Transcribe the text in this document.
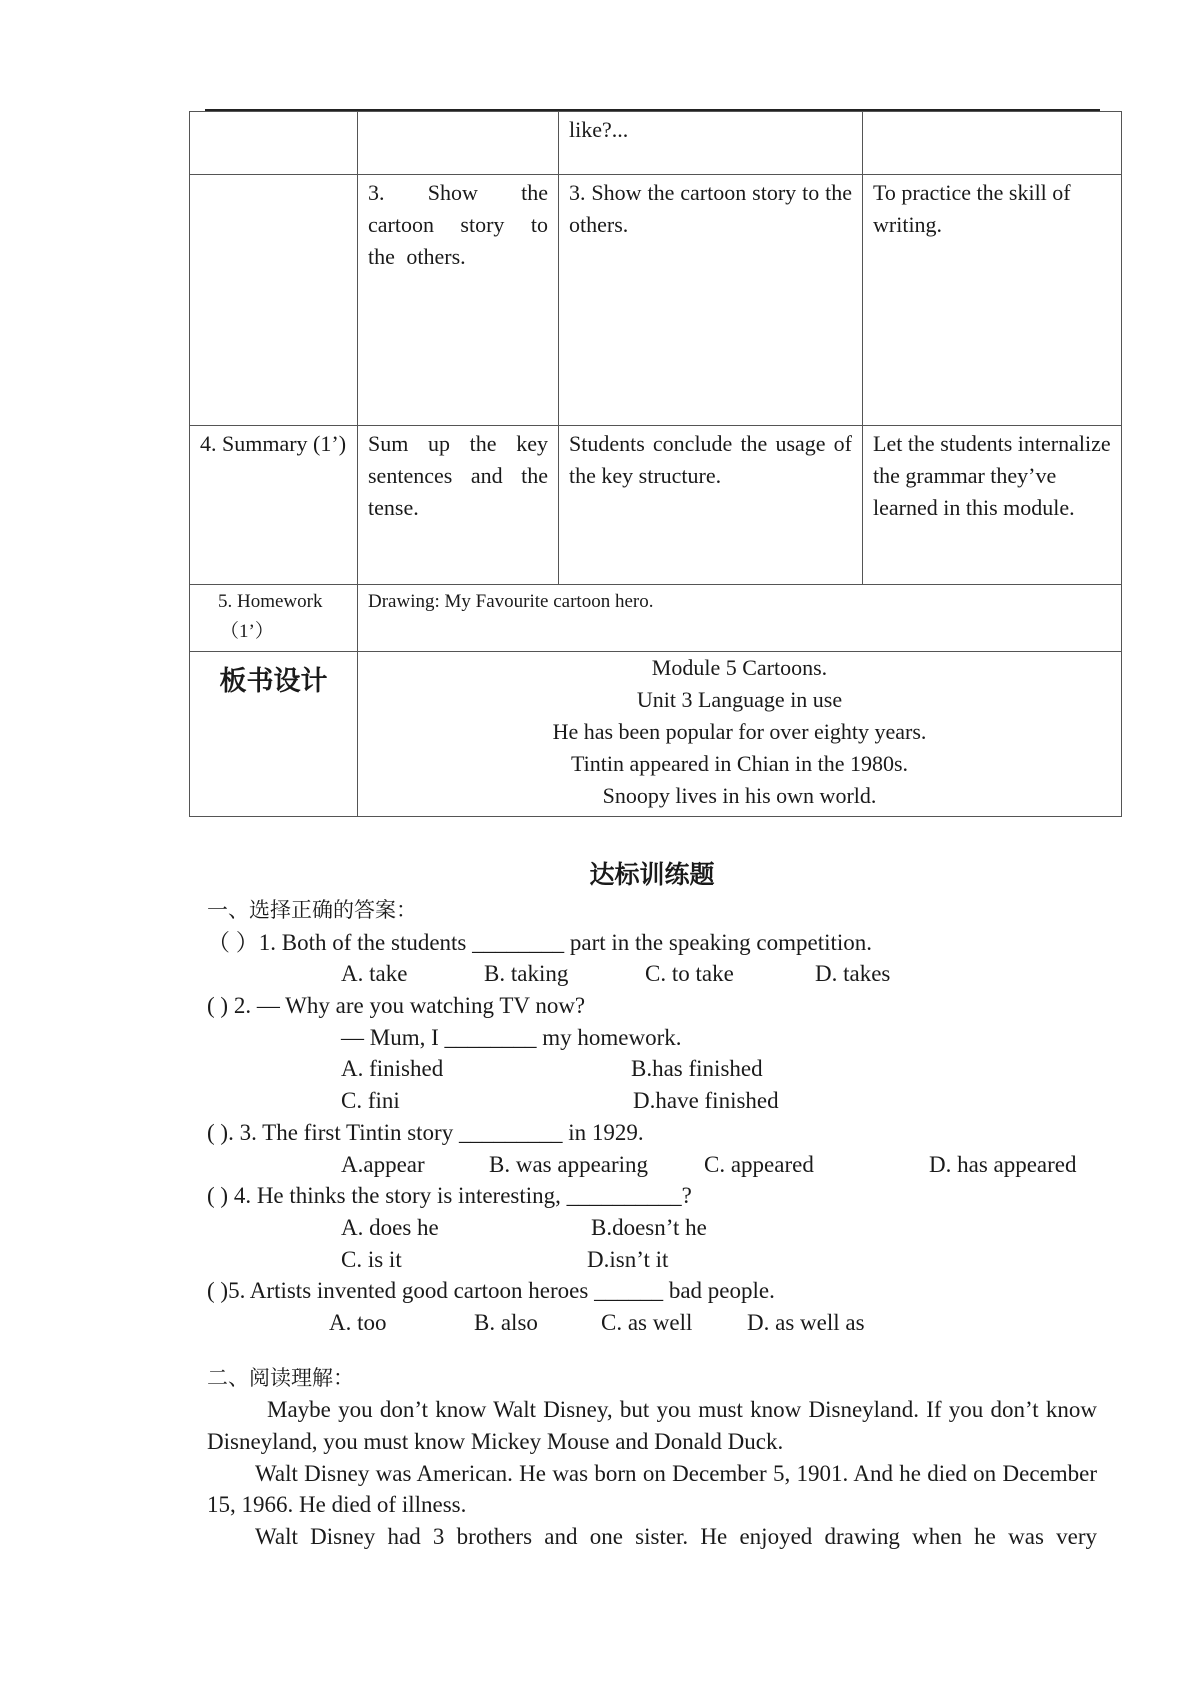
		like?...	
	3. Show the cartoon story to the others.	3. Show the cartoon story to the others.	To practice the skill of writing.
4. Summary (1’)	Sum up the key sentences and the tense.	Students conclude the usage of the key structure.	Let the students internalize the grammar they’ve learned in this module.

5. Homework
（1’）	Drawing: My Favourite cartoon hero.		
板书设计	Module 5 Cartoons.
Unit 3 Language in use
He has been popular for over eighty years.
Tintin appeared in Chian in the 1980s.
Snoopy lives in his own world.		
达标训练题
一、选择正确的答案：
（ ）1. Both of the students ________ part in the speaking competition.
A. take	B. taking	C. to take	D. takes
( ) 2. — Why are you watching TV now?
— Mum, I ________ my homework.
A. finished	B.has finished
C. fini	D.have finished
( ). 3. The first Tintin story _________ in 1929.
A.appear	B. was appearing C. appeared	D. has appeared
( ) 4. He thinks the story is interesting, __________?
A. does he	B.doesn’t he
C. is it	D.isn’t it
( )5. Artists invented good cartoon heroes ______ bad people.
A. too	B. also	C. as well D. as well as
二、阅读理解：
Maybe you don’t know Walt Disney, but you must know Disneyland. If you don’t know Disneyland, you must know Mickey Mouse and Donald Duck.
Walt Disney was American. He was born on December 5, 1901. And he died on December 15, 1966. He died of illness.
Walt Disney had 3 brothers and one sister. He enjoyed drawing when he was very
